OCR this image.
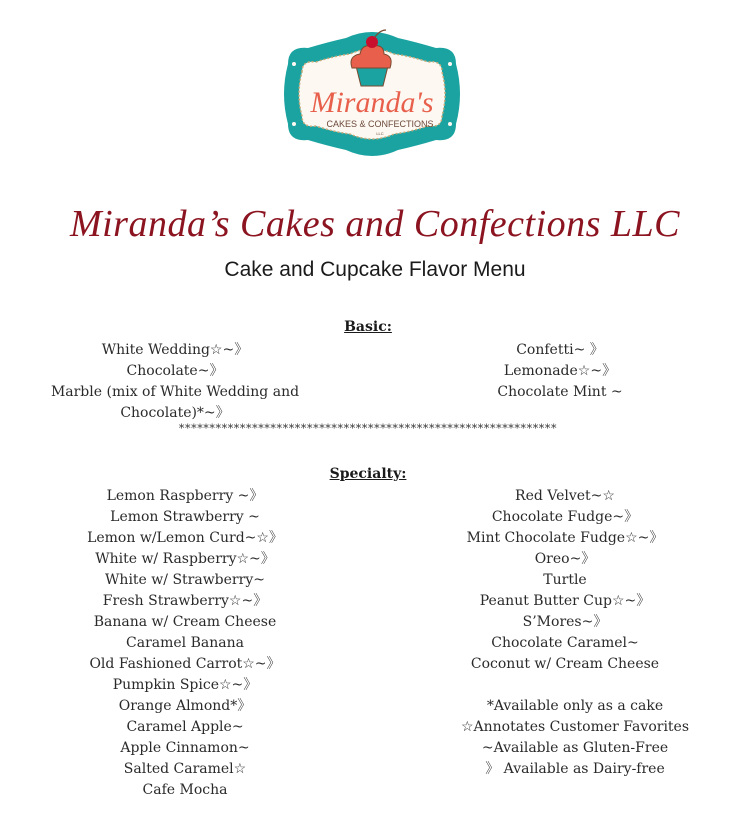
Miranda's
CAKES & CONFECTIONS
LLC
Miranda’s Cakes and Confections LLC
Cake and Cupcake Flavor Menu
Basic:
White Wedding☆~》
Chocolate~》
Marble (mix of White Wedding and
Chocolate)*~》
Confetti~ 》
Lemonade☆~》
Chocolate Mint ~
**************************************************************
Specialty:
Lemon Raspberry ~》
Lemon Strawberry ~
Lemon w/Lemon Curd~☆》
White w/ Raspberry☆~》
White w/ Strawberry~
Fresh Strawberry☆~》
Banana w/ Cream Cheese
Caramel Banana
Old Fashioned Carrot☆~》
Pumpkin Spice☆~》
Orange Almond*》
Caramel Apple~
Apple Cinnamon~
Salted Caramel☆
Cafe Mocha
Red Velvet~☆
Chocolate Fudge~》
Mint Chocolate Fudge☆~》
Oreo~》
Turtle
Peanut Butter Cup☆~》
S’Mores~》
Chocolate Caramel~
Coconut w/ Cream Cheese
*Available only as a cake
☆Annotates Customer Favorites
~Available as Gluten-Free
》 Available as Dairy-free
